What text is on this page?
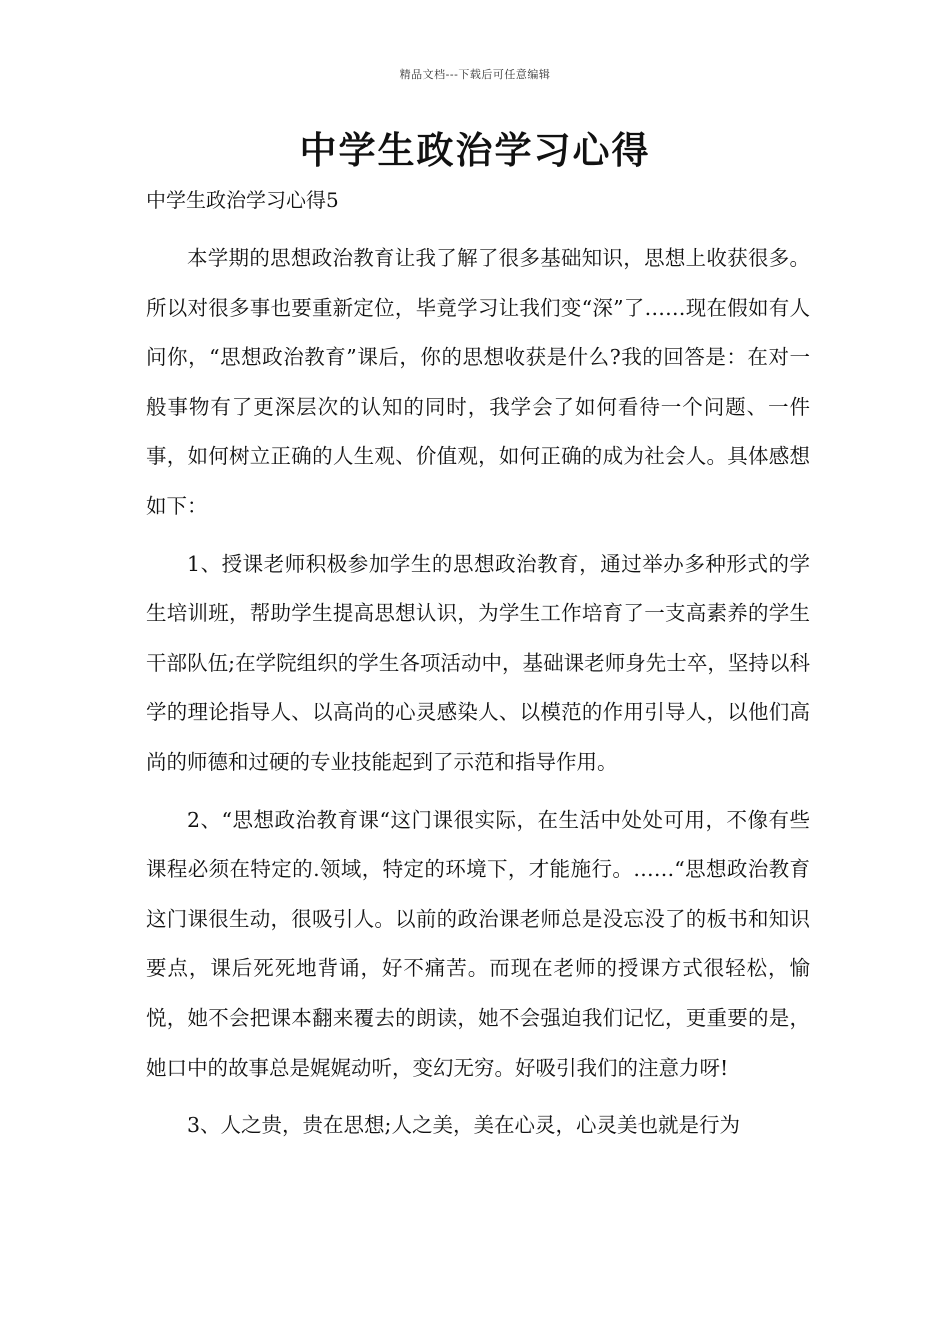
精品文档---下载后可任意编辑
中学生政治学习心得
中学生政治学习心得5

本学期的思想政治教育让我了解了很多基础知识，思想上收获很多。所以对很多事也要重新定位，毕竟学习让我们变“深”了……现在假如有人问你，“思想政治教育”课后，你的思想收获是什么?我的回答是：在对一般事物有了更深层次的认知的同时，我学会了如何看待一个问题、一件事，如何树立正确的人生观、价值观，如何正确的成为社会人。具体感想如下：

1、授课老师积极参加学生的思想政治教育，通过举办多种形式的学生培训班，帮助学生提高思想认识，为学生工作培育了一支高素养的学生干部队伍;在学院组织的学生各项活动中，基础课老师身先士卒，坚持以科学的理论指导人、以高尚的心灵感染人、以模范的作用引导人，以他们高尚的师德和过硬的专业技能起到了示范和指导作用。

2、“思想政治教育课“这门课很实际，在生活中处处可用，不像有些课程必须在特定的.领域，特定的环境下，才能施行。……“思想政治教育这门课很生动，很吸引人。以前的政治课老师总是没忘没了的板书和知识要点，课后死死地背诵，好不痛苦。而现在老师的授课方式很轻松，愉悦，她不会把课本翻来覆去的朗读，她不会强迫我们记忆，更重要的是，她口中的故事总是娓娓动听，变幻无穷。好吸引我们的注意力呀!

3、人之贵，贵在思想;人之美，美在心灵，心灵美也就是行为
